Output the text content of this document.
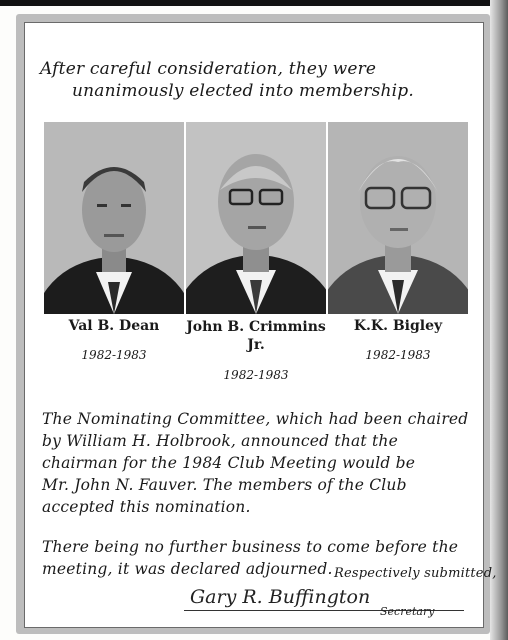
After careful consideration, they were
unanimously elected into membership.
Val B. Dean
1982-1983
John B. Crimmins Jr.
1982-1983
K.K. Bigley
1982-1983
The Nominating Committee, which had been chaired
by William H. Holbrook, announced that the
chairman for the 1984 Club Meeting would be
Mr. John N. Fauver. The members of the Club
accepted this nomination.
There being no further business to come before the
meeting, it was declared adjourned. Respectively submitted,
Gary R. Buffington
Secretary
